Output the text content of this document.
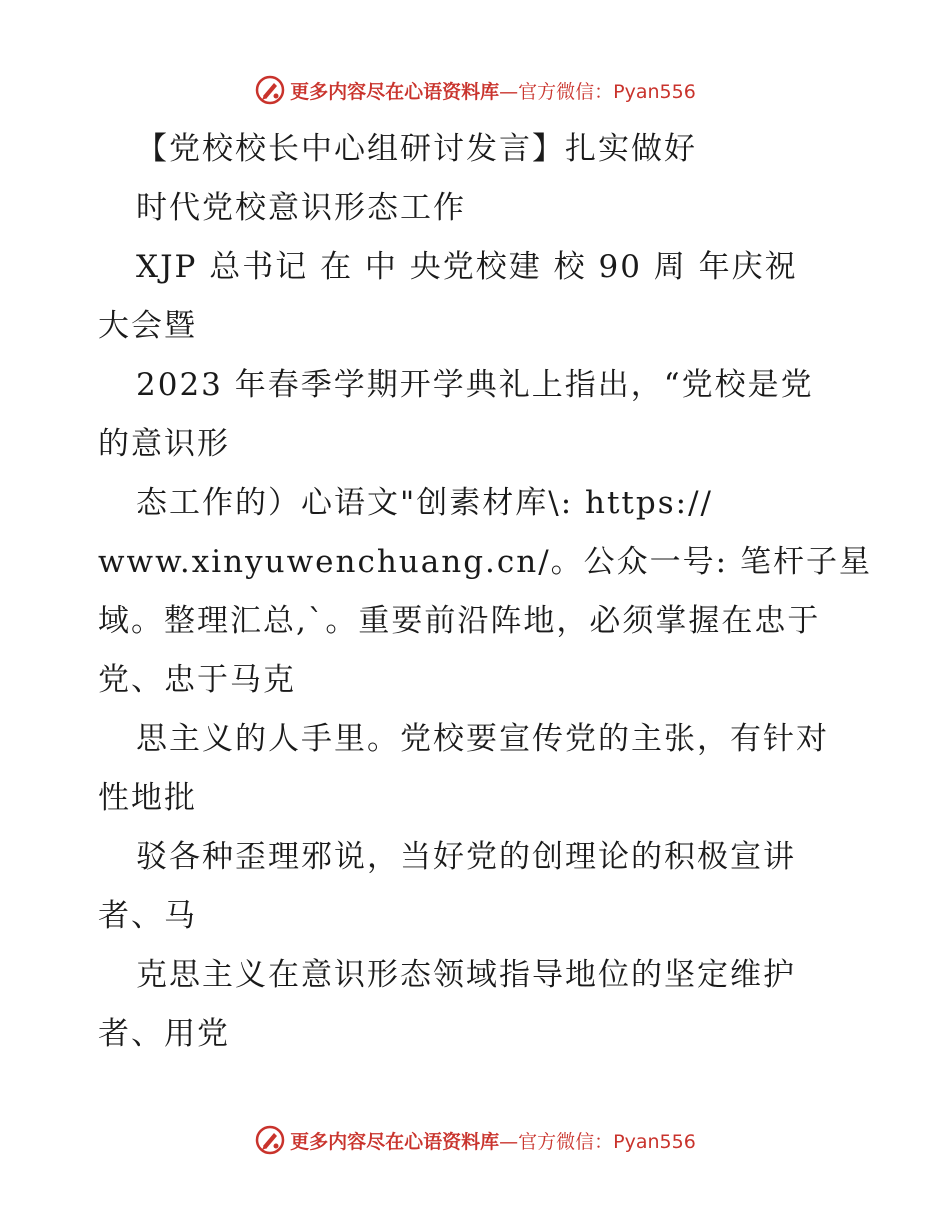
更多内容尽在心语资料库—官方微信：Pyan556
【党校校长中心组研讨发言】扎实做好
时代党校意识形态工作
XJP 总书记 在 中 央党校建 校 90 周 年庆祝
大会暨
2023 年春季学期开学典礼上指出，“党校是党
的意识形
态工作的）心语文"创素材库\: https://
www.xinyuwenchuang.cn/。公众一号: 笔杆子星
域。整理汇总,`。重要前沿阵地，必须掌握在忠于
党、忠于马克
思主义的人手里。党校要宣传党的主张，有针对
性地批
驳各种歪理邪说，当好党的创理论的积极宣讲
者、马
克思主义在意识形态领域指导地位的坚定维护
者、用党
更多内容尽在心语资料库—官方微信：Pyan556
